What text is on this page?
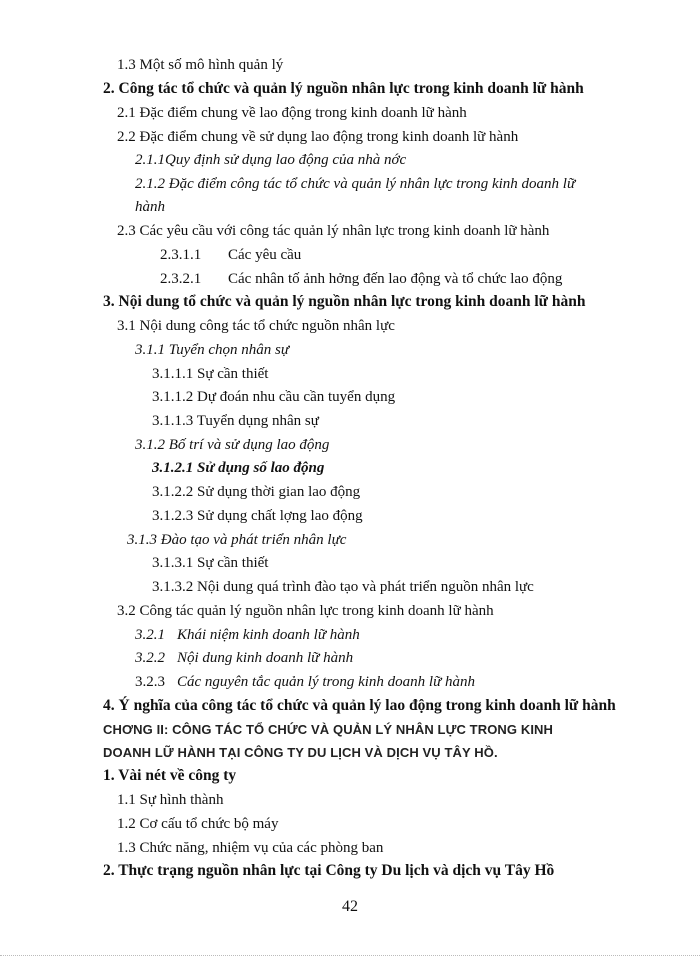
1.3 Một số mô hình quản lý
2. Công tác tổ chức và quản lý nguồn nhân lực trong kinh doanh lữ hành
2.1 Đặc điểm chung về lao động trong kinh doanh lữ hành
2.2 Đặc điểm chung về sử dụng lao động trong kinh doanh lữ hành
2.1.1Quy định sử dụng lao động của nhà nớc
2.1.2 Đặc điểm công tác tổ chức và quản lý nhân lực trong kinh doanh lữ
hành
2.3 Các yêu cầu với công tác quản lý nhân lực trong kinh doanh lữ hành
2.3.1.1 Các yêu cầu
2.3.2.1 Các nhân tố ảnh hởng đến lao động và tổ chức lao động
3. Nội dung tổ chức và quản lý nguồn nhân lực trong kinh doanh lữ hành
3.1 Nội dung công tác tổ chức nguồn nhân lực
3.1.1 Tuyển chọn nhân sự
3.1.1.1 Sự cần thiết
3.1.1.2 Dự đoán nhu cầu cần tuyển dụng
3.1.1.3 Tuyển dụng nhân sự
3.1.2 Bố trí và sử dụng lao động
3.1.2.1 Sử dụng số lao động
3.1.2.2 Sử dụng thời gian lao động
3.1.2.3 Sử dụng chất lợng lao động
3.1.3 Đào tạo và phát triển nhân lực
3.1.3.1 Sự cần thiết
3.1.3.2 Nội dung quá trình đào tạo và phát triển nguồn nhân lực
3.2 Công tác quản lý nguồn nhân lực trong kinh doanh lữ hành
3.2.1 Khái niệm kinh doanh lữ hành
3.2.2 Nội dung kinh doanh lữ hành
3.2.3 Các nguyên tắc quản lý trong kinh doanh lữ hành
4. Ý nghĩa của công tác tổ chức và quản lý lao động trong kinh doanh lữ hành
CHƠNG II: CÔNG TÁC TỔ CHỨC VÀ QUẢN LÝ NHÂN LỰC TRONG KINH
DOANH LỮ HÀNH TẠI CÔNG TY DU LỊCH VÀ DỊCH VỤ TÂY HỒ.
1. Vài nét về công ty
1.1 Sự hình thành
1.2 Cơ cấu tổ chức bộ máy
1.3 Chức năng, nhiệm vụ của các phòng ban
2. Thực trạng nguồn nhân lực tại Công ty Du lịch và dịch vụ Tây Hồ
42
